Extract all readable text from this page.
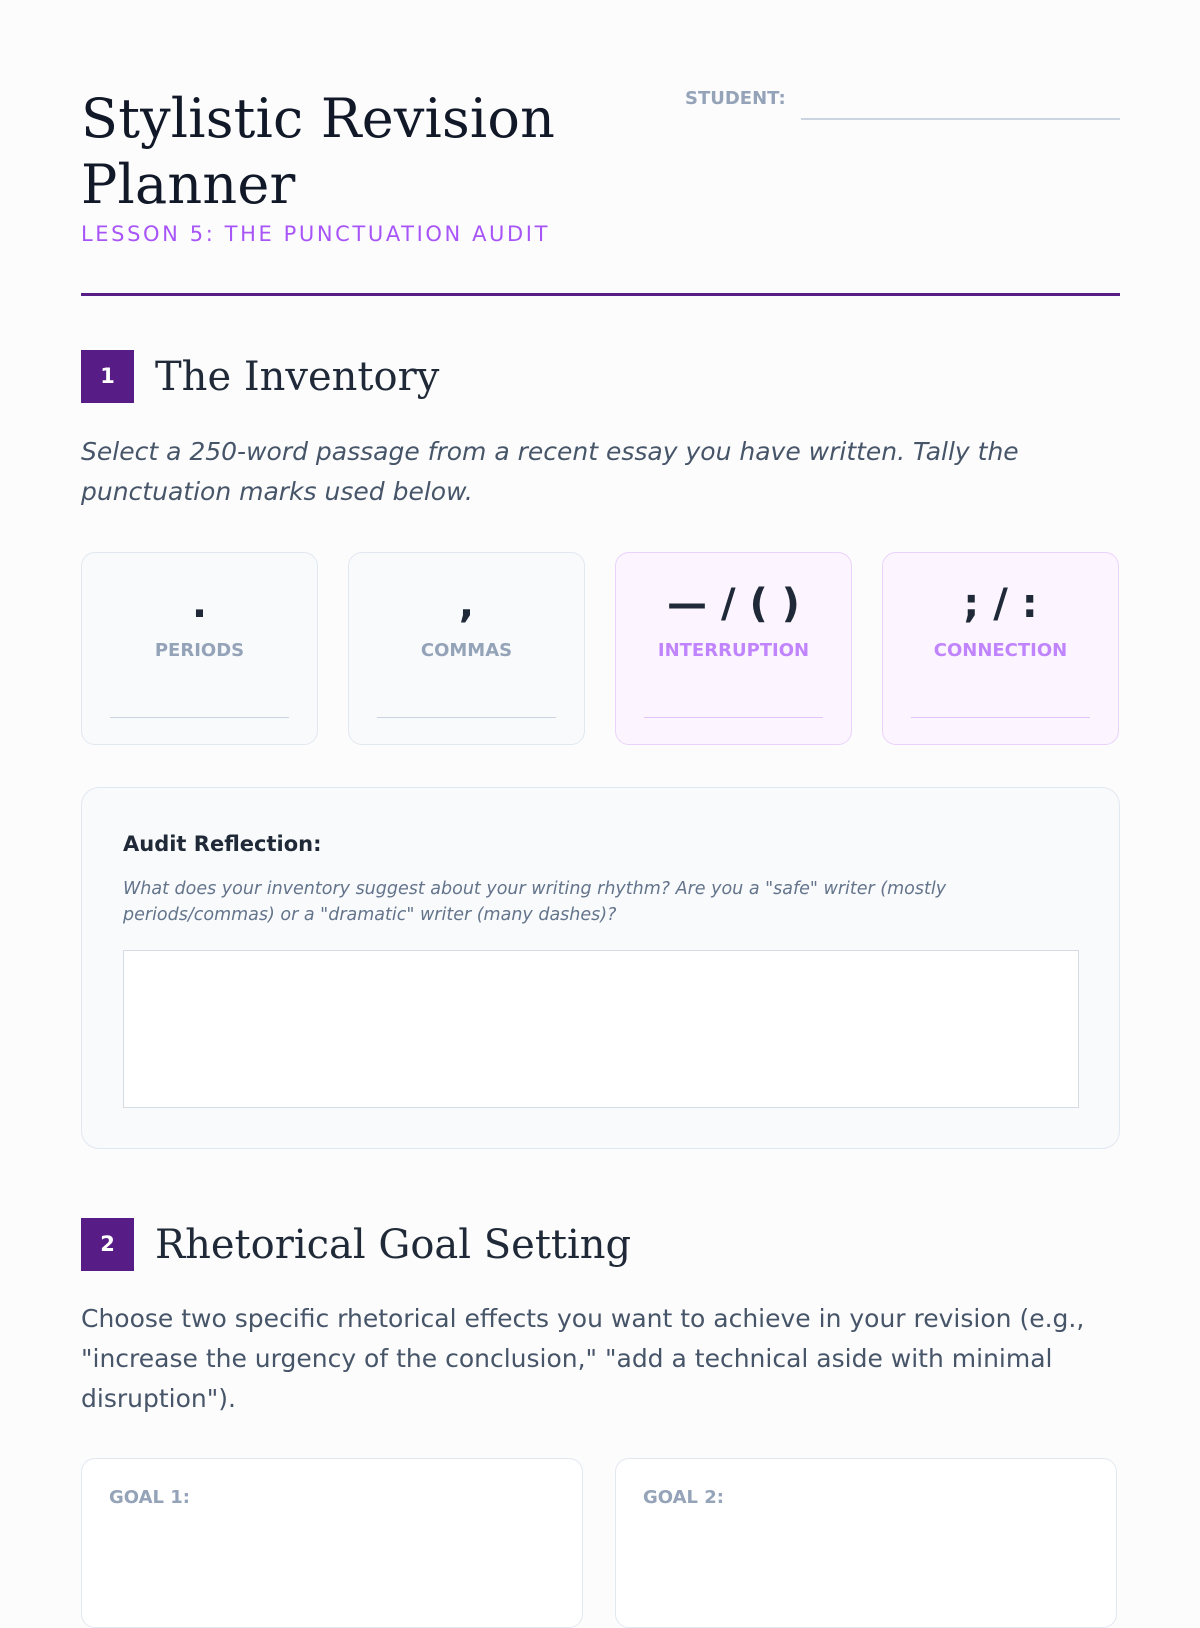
Stylistic Revision Planner
LESSON 5: THE PUNCTUATION AUDIT
STUDENT:
1	The Inventory

Select a 250-word passage from a recent essay you have written. Tally the punctuation marks used below.

.
PERIODS
,
COMMAS
— / ( )
INTERRUPTION
; / :
CONNECTION
Audit Reflection:

What does your inventory suggest about your writing rhythm? Are you a "safe" writer (mostly periods/commas) or a "dramatic" writer (many dashes)?

2	Rhetorical Goal Setting

Choose two specific rhetorical effects you want to achieve in your revision (e.g., "increase the urgency of the conclusion," "add a technical aside with minimal disruption").

GOAL 1:	GOAL 2:
